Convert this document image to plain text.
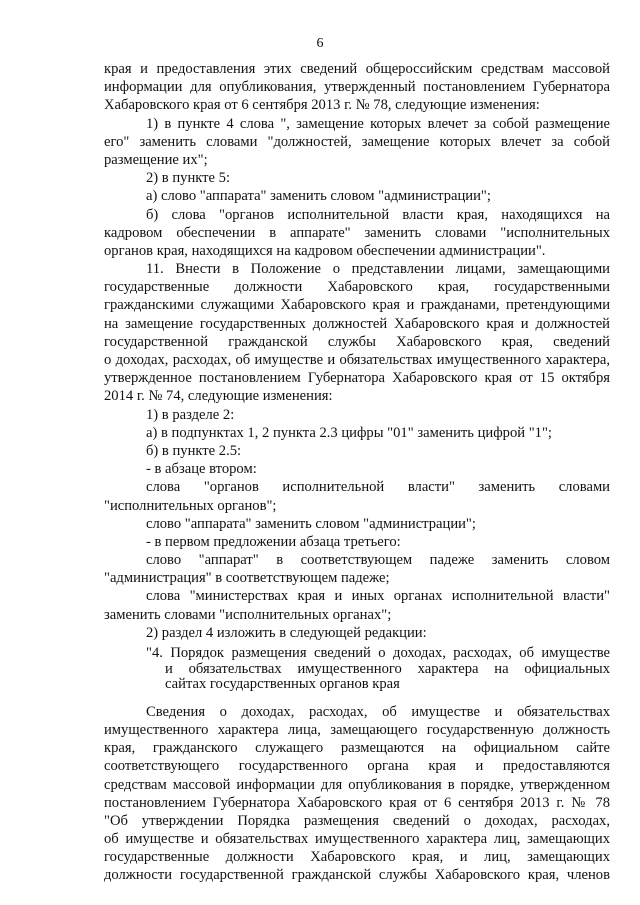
6
края и предоставления этих сведений общероссийским средствам массовой
информации для опубликования, утвержденный постановлением Губернатора
Хабаровского края от 6 сентября 2013 г. № 78, следующие изменения:
1) в пункте 4 слова ", замещение которых влечет за собой размещение
его" заменить словами "должностей, замещение которых влечет за собой
размещение их";
2) в пункте 5:
а) слово "аппарата" заменить словом "администрации";
б) слова "органов исполнительной власти края, находящихся на
кадровом обеспечении в аппарате" заменить словами "исполнительных
органов края, находящихся на кадровом обеспечении администрации".
11. Внести в Положение о представлении лицами, замещающими
государственные должности Хабаровского края, государственными
гражданскими служащими Хабаровского края и гражданами, претендующими
на замещение государственных должностей Хабаровского края и должностей
государственной гражданской службы Хабаровского края, сведений
о доходах, расходах, об имуществе и обязательствах имущественного характера,
утвержденное постановлением Губернатора Хабаровского края от 15 октября
2014 г. № 74, следующие изменения:
1) в разделе 2:
а) в подпунктах 1, 2 пункта 2.3 цифры "01" заменить цифрой "1";
б) в пункте 2.5:
- в абзаце втором:
слова "органов исполнительной власти" заменить словами
"исполнительных органов";
слово "аппарата" заменить словом "администрации";
- в первом предложении абзаца третьего:
слово "аппарат" в соответствующем падеже заменить словом
"администрация" в соответствующем падеже;
слова "министерствах края и иных органах исполнительной власти"
заменить словами "исполнительных органах";
2) раздел 4 изложить в следующей редакции:
"4. Порядок размещения сведений о доходах, расходах, об имуществе
и обязательствах имущественного характера на официальных
сайтах государственных органов края
Сведения о доходах, расходах, об имуществе и обязательствах
имущественного характера лица, замещающего государственную должность
края, гражданского служащего размещаются на официальном сайте
соответствующего государственного органа края и предоставляются
средствам массовой информации для опубликования в порядке, утвержденном
постановлением Губернатора Хабаровского края от 6 сентября 2013 г. № 78
"Об утверждении Порядка размещения сведений о доходах, расходах,
об имуществе и обязательствах имущественного характера лиц, замещающих
государственные должности Хабаровского края, и лиц, замещающих
должности государственной гражданской службы Хабаровского края, членов
